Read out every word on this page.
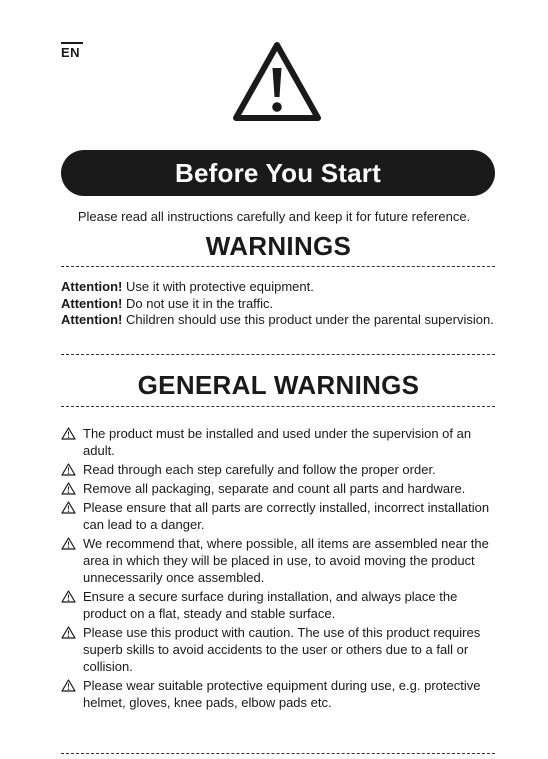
EN
Before You Start
Please read all instructions carefully and keep it for future reference.
WARNINGS
Attention! Use it with protective equipment.
Attention! Do not use it in the traffic.
Attention! Children should use this product under the parental supervision.
GENERAL WARNINGS
The product must be installed and used under the supervision of an adult.
Read through each step carefully and follow the proper order.
Remove all packaging, separate and count all parts and hardware.
Please ensure that all parts are correctly installed, incorrect installation can lead to a danger.
We recommend that, where possible, all items are assembled near the area in which they will be placed in use, to avoid moving the product unnecessarily once assembled.
Ensure a secure surface during installation, and always place the product on a flat, steady and stable surface.
Please use this product with caution. The use of this product requires superb skills to avoid accidents to the user or others due to a fall or collision.
Please wear suitable protective equipment during use, e.g. protective helmet, gloves, knee pads, elbow pads etc.
